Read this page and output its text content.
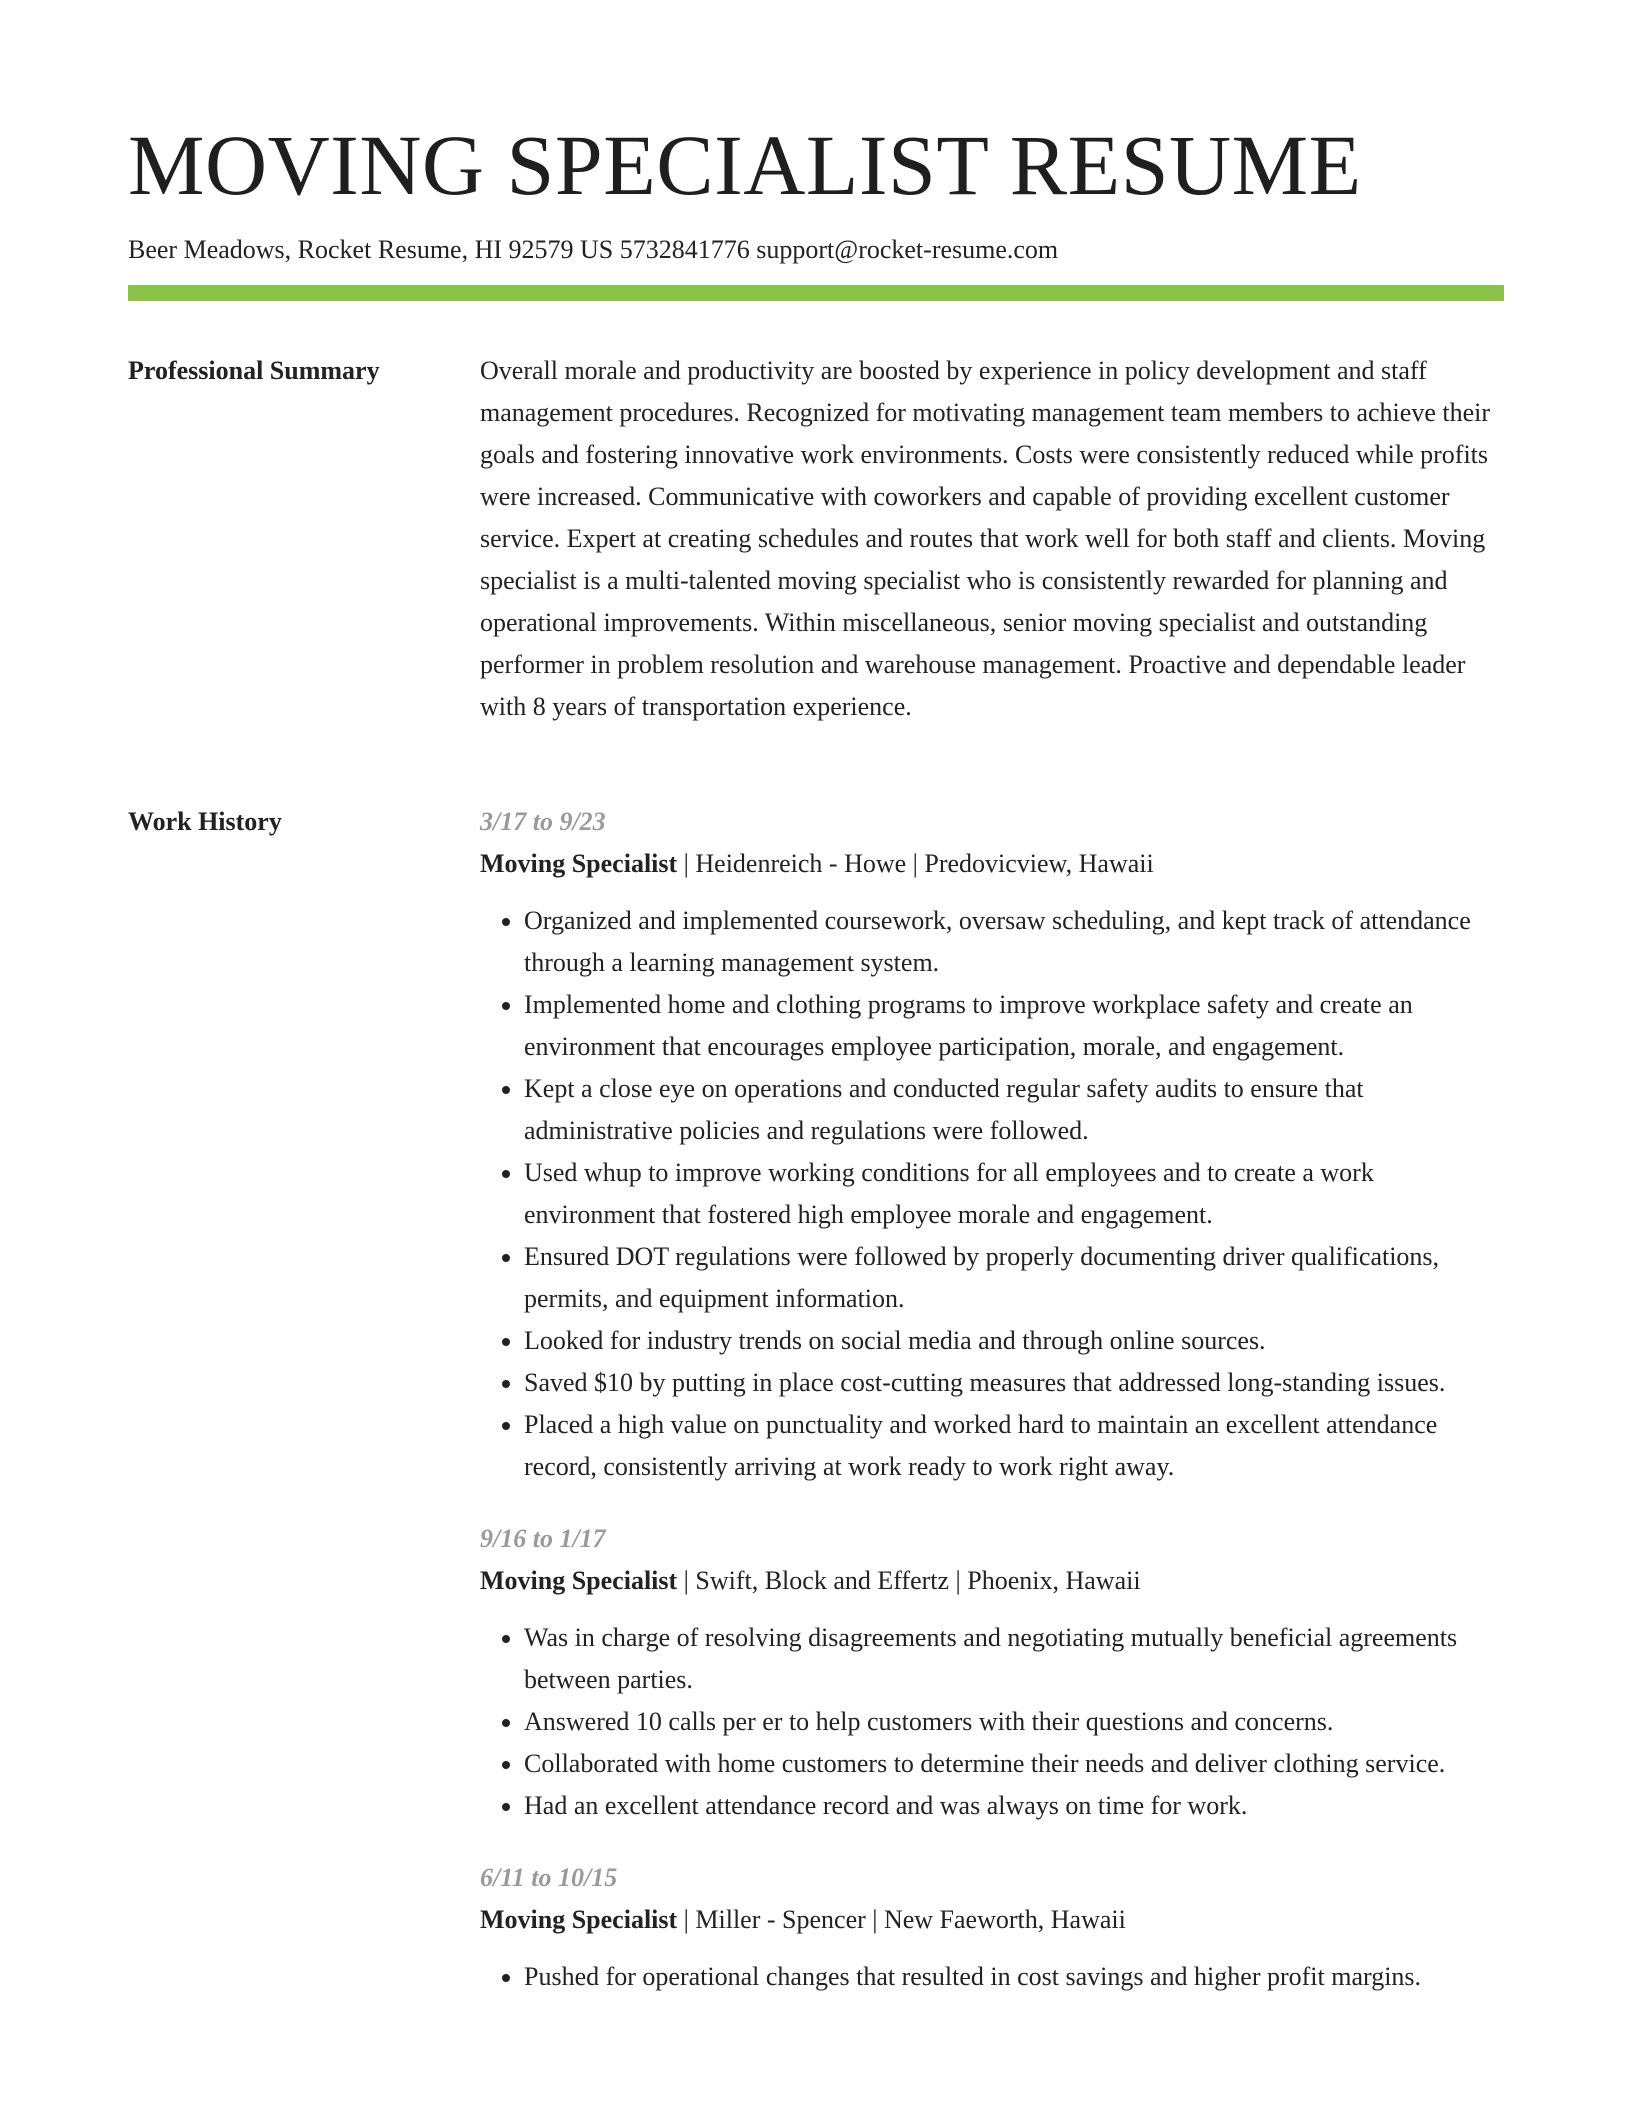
MOVING SPECIALIST RESUME
Beer Meadows, Rocket Resume, HI 92579 US 5732841776 support@rocket-resume.com
Professional Summary	Overall morale and productivity are boosted by experience in policy development and staff management procedures. Recognized for motivating management team members to achieve their goals and fostering innovative work environments. Costs were consistently reduced while profits were increased. Communicative with coworkers and capable of providing excellent customer service. Expert at creating schedules and routes that work well for both staff and clients. Moving specialist is a multi-talented moving specialist who is consistently rewarded for planning and operational improvements. Within miscellaneous, senior moving specialist and outstanding performer in problem resolution and warehouse management. Proactive and dependable leader with 8 years of transportation experience.

Work History	3/17 to 9/23
Moving Specialist | Heidenreich - Howe | Predovicview, Hawaii
• Organized and implemented coursework, oversaw scheduling, and kept track of attendance through a learning management system.
• Implemented home and clothing programs to improve workplace safety and create an environment that encourages employee participation, morale, and engagement.
• Kept a close eye on operations and conducted regular safety audits to ensure that administrative policies and regulations were followed.
• Used whup to improve working conditions for all employees and to create a work environment that fostered high employee morale and engagement.
• Ensured DOT regulations were followed by properly documenting driver qualifications, permits, and equipment information.
• Looked for industry trends on social media and through online sources.
• Saved $10 by putting in place cost-cutting measures that addressed long-standing issues.
• Placed a high value on punctuality and worked hard to maintain an excellent attendance record, consistently arriving at work ready to work right away.
9/16 to 1/17
Moving Specialist | Swift, Block and Effertz | Phoenix, Hawaii
• Was in charge of resolving disagreements and negotiating mutually beneficial agreements between parties.
• Answered 10 calls per er to help customers with their questions and concerns.
• Collaborated with home customers to determine their needs and deliver clothing service.
• Had an excellent attendance record and was always on time for work.
6/11 to 10/15
Moving Specialist | Miller - Spencer | New Faeworth, Hawaii
• Pushed for operational changes that resulted in cost savings and higher profit margins.
